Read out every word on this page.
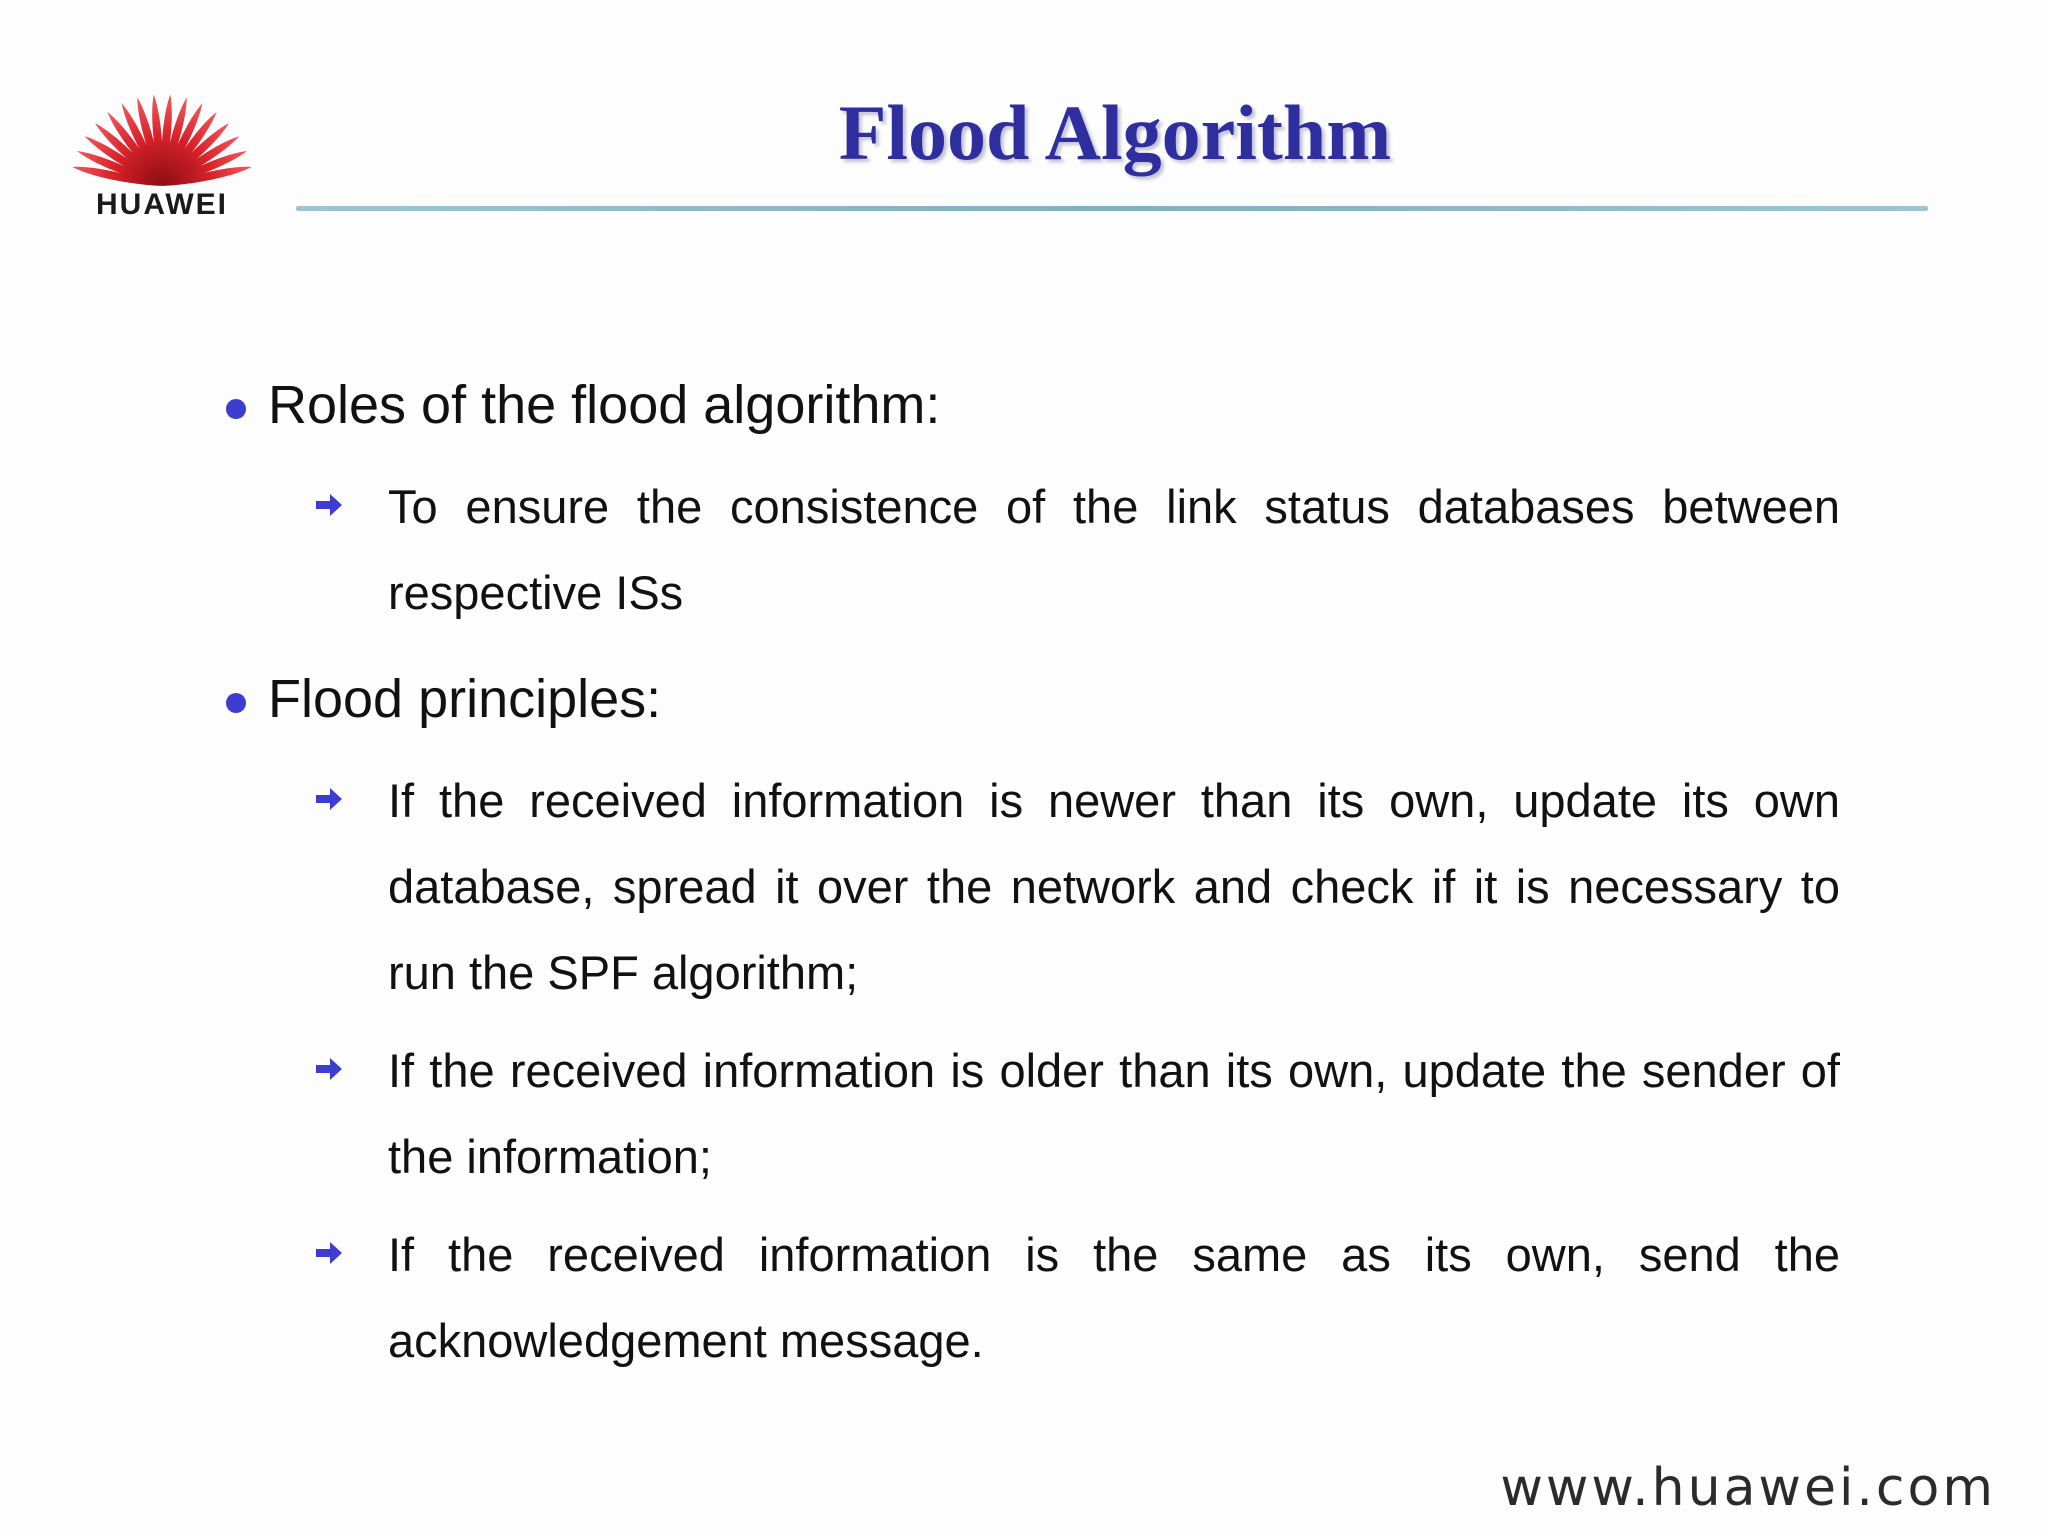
HUAWEI
Flood Algorithm
Roles of the flood algorithm:
To ensure the consistence of the link status databases between respective ISs
Flood principles:
If the received information is newer than its own, update its own database, spread it over the network and check if it is necessary to run the SPF algorithm;
If the received information is older than its own, update the sender of the information;
If the received information is the same as its own, send the acknowledgement message.
www.huawei.com
